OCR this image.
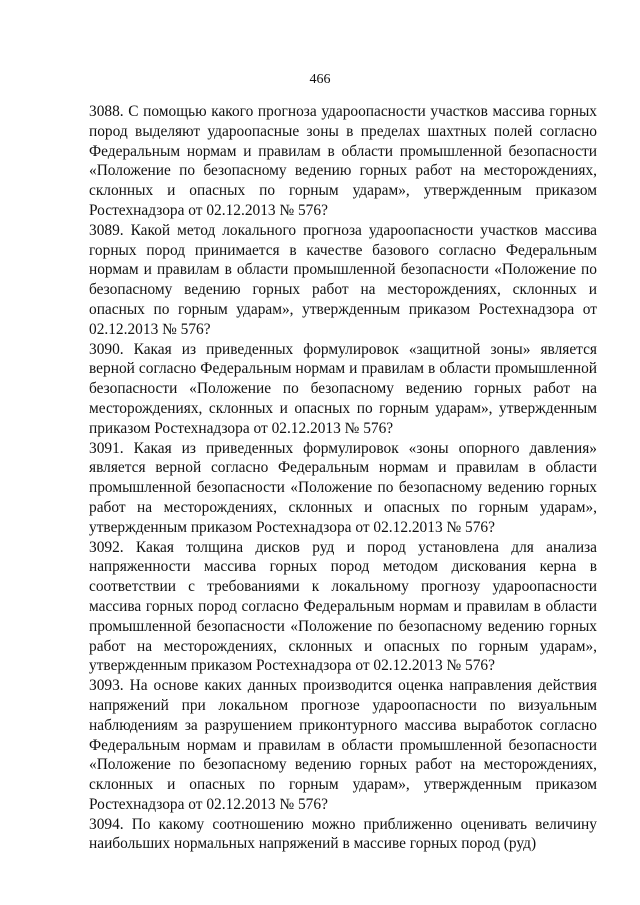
466

3088. С помощью какого прогноза удароопасности участков массива горных пород выделяют удароопасные зоны в пределах шахтных полей согласно Федеральным нормам и правилам в области промышленной безопасности «Положение по безопасному ведению горных работ на месторождениях, склонных и опасных по горным ударам», утвержденным приказом Ростехнадзора от 02.12.2013 № 576?

3089. Какой метод локального прогноза удароопасности участков массива горных пород принимается в качестве базового согласно Федеральным нормам и правилам в области промышленной безопасности «Положение по безопасному ведению горных работ на месторождениях, склонных и опасных по горным ударам», утвержденным приказом Ростехнадзора от 02.12.2013 № 576?

3090. Какая из приведенных формулировок «защитной зоны» является верной согласно Федеральным нормам и правилам в области промышленной безопасности «Положение по безопасному ведению горных работ на месторождениях, склонных и опасных по горным ударам», утвержденным приказом Ростехнадзора от 02.12.2013 № 576?

3091. Какая из приведенных формулировок «зоны опорного давления» является верной согласно Федеральным нормам и правилам в области промышленной безопасности «Положение по безопасному ведению горных работ на месторождениях, склонных и опасных по горным ударам», утвержденным приказом Ростехнадзора от 02.12.2013 № 576?

3092. Какая толщина дисков руд и пород установлена для анализа напряженности массива горных пород методом дискования керна в соответствии с требованиями к локальному прогнозу удароопасности массива горных пород согласно Федеральным нормам и правилам в области промышленной безопасности «Положение по безопасному ведению горных работ на месторождениях, склонных и опасных по горным ударам», утвержденным приказом Ростехнадзора от 02.12.2013 № 576?

3093. На основе каких данных производится оценка направления действия напряжений при локальном прогнозе удароопасности по визуальным наблюдениям за разрушением приконтурного массива выработок согласно Федеральным нормам и правилам в области промышленной безопасности «Положение по безопасному ведению горных работ на месторождениях, склонных и опасных по горным ударам», утвержденным приказом Ростехнадзора от 02.12.2013 № 576?

3094. По какому соотношению можно приближенно оценивать величину наибольших нормальных напряжений в массиве горных пород (руд)
